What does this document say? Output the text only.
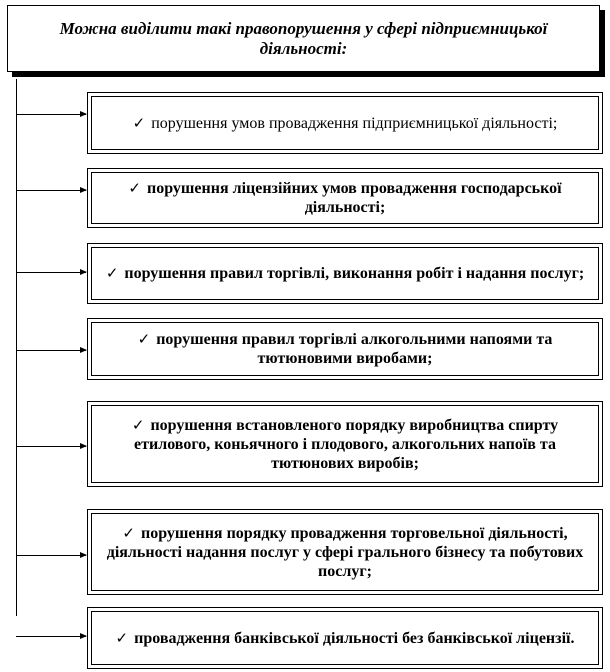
Можна виділити такі правопорушення у сфері підприємницької діяльності:
✓ порушення умов провадження підприємницької діяльності;
✓ порушення ліцензійних умов провадження господарської діяльності;
✓ порушення правил торгівлі, виконання робіт і надання послуг;
✓ порушення правил торгівлі алкогольними напоями та тютюновими виробами;
✓ порушення встановленого порядку виробництва спирту етилового, коньячного і плодового, алкогольних напоїв та тютюнових виробів;
✓ порушення порядку провадження торговельної діяльності, діяльності надання послуг у сфері грального бізнесу та побутових послуг;
✓ провадження банківської діяльності без банківської ліцензії.
